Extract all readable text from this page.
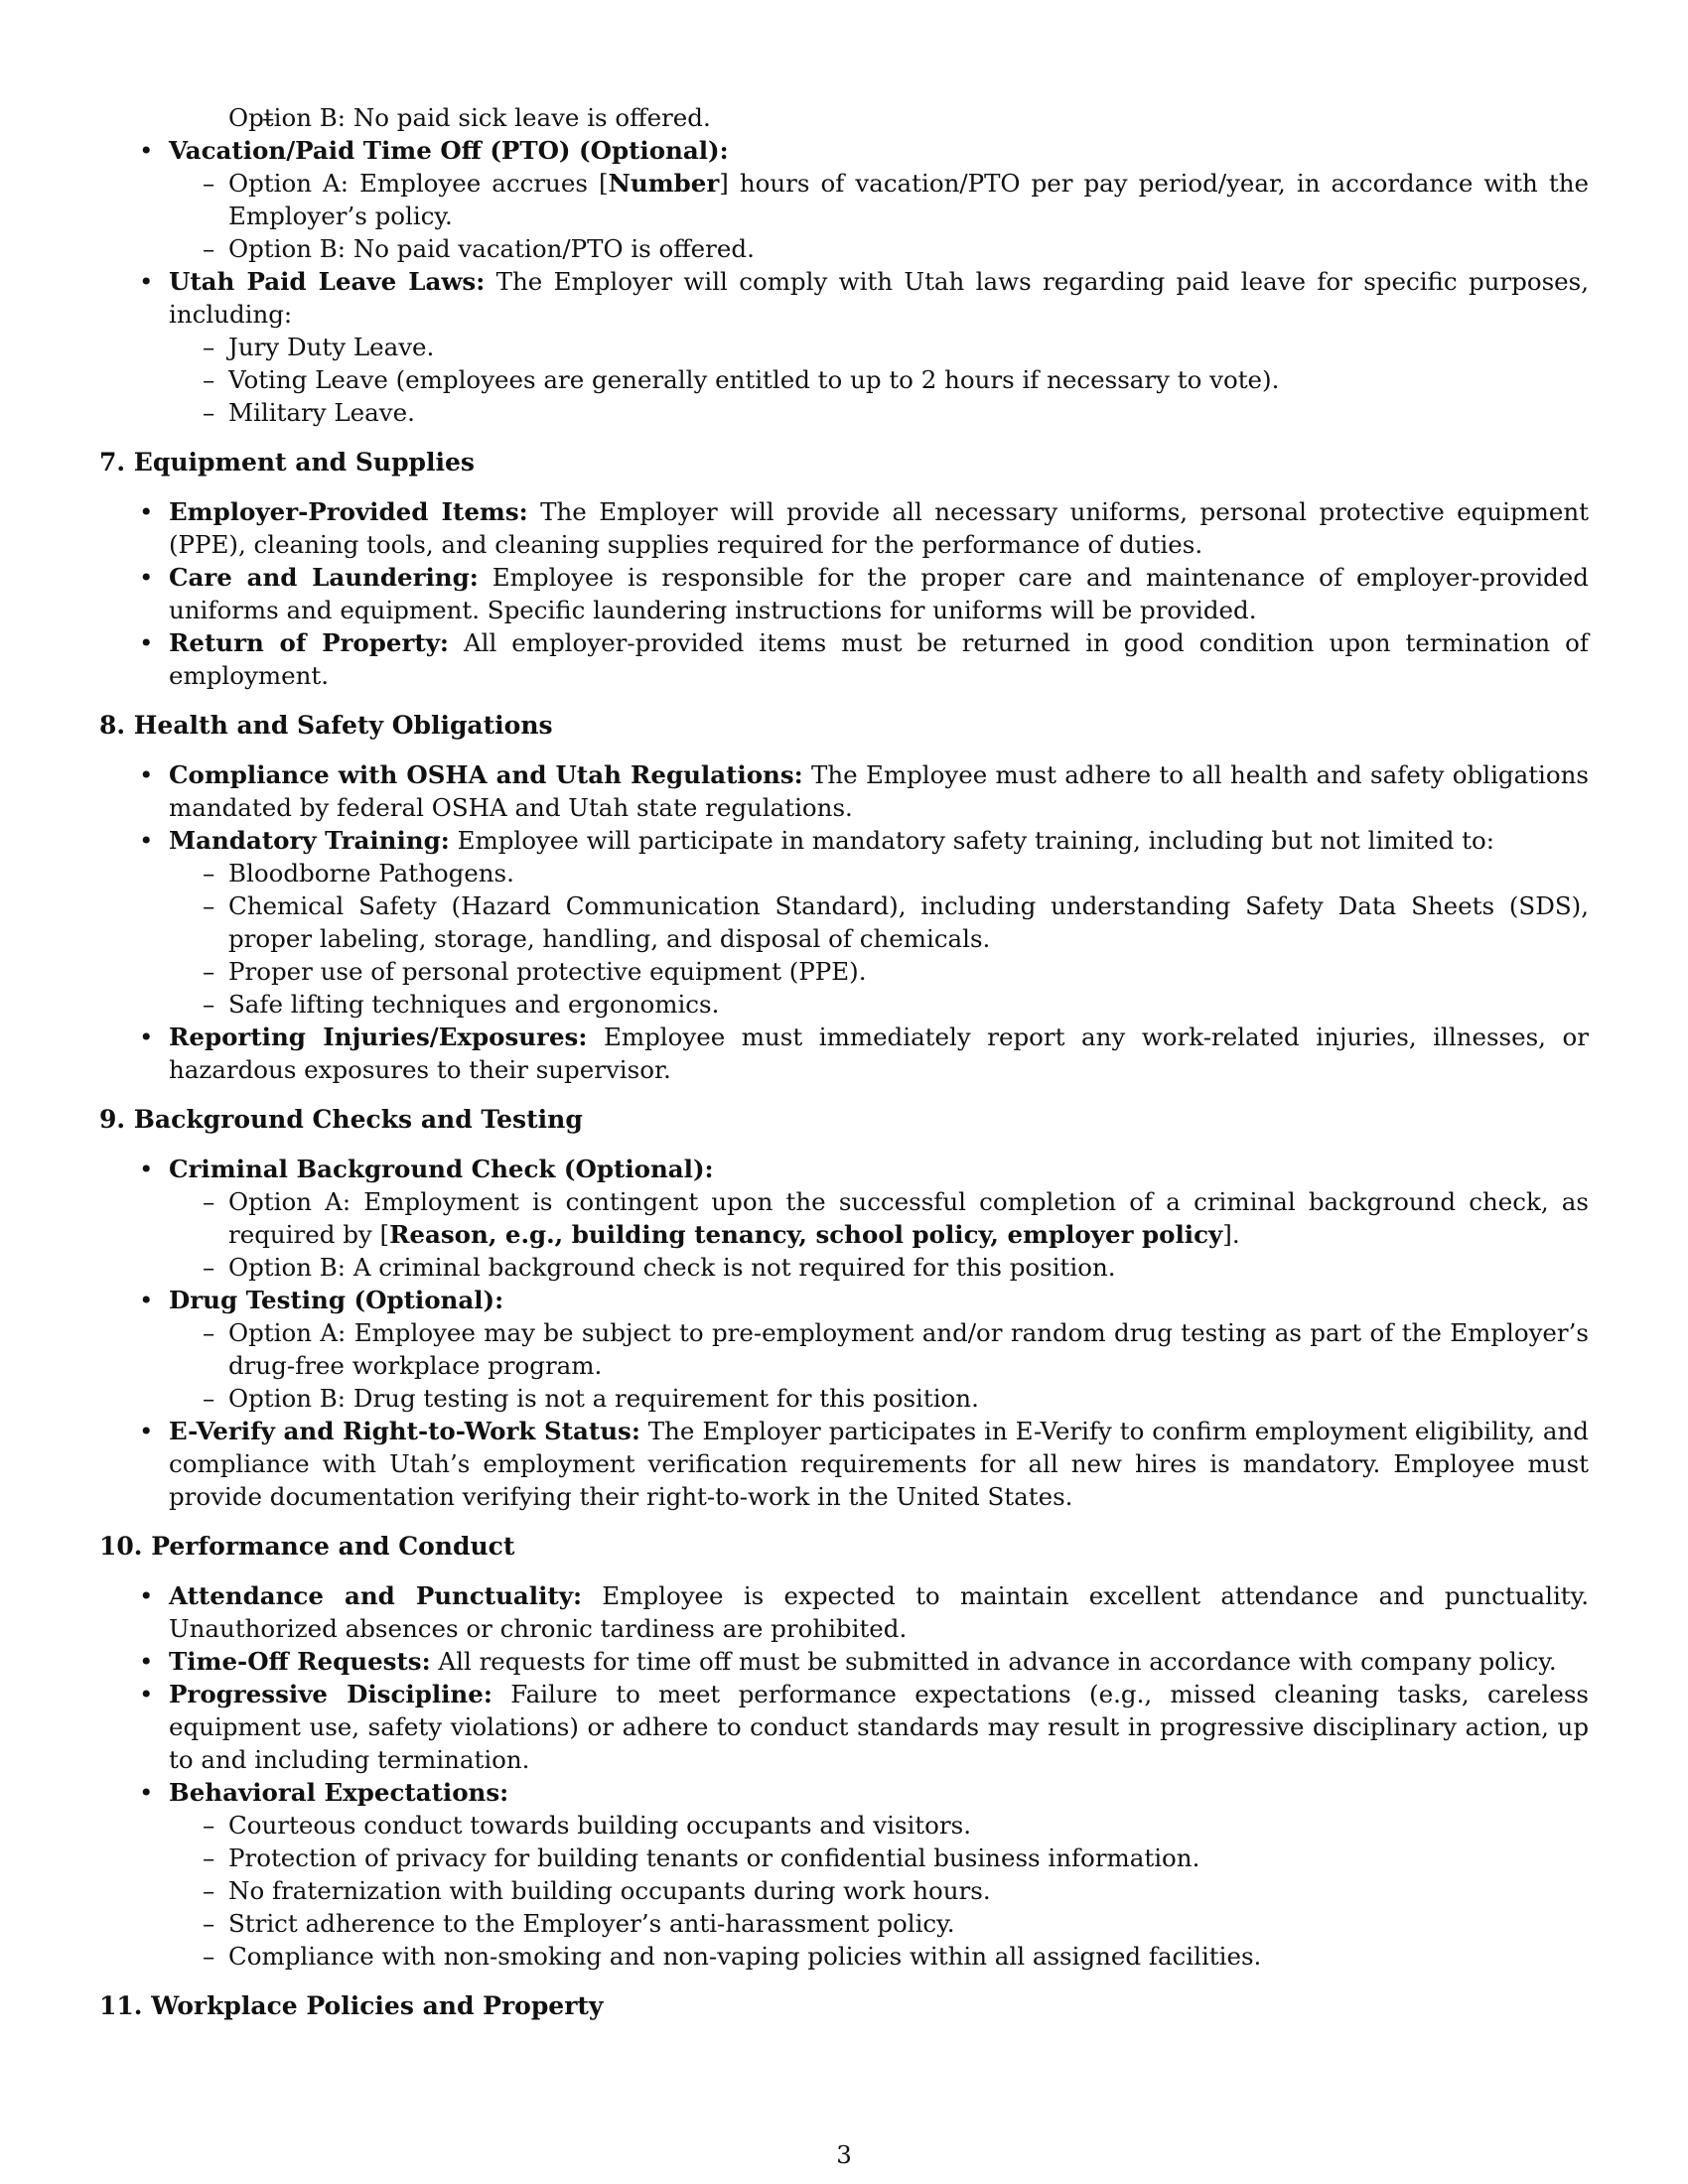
– Option B: No paid sick leave is offered.
• Vacation/Paid Time Off (PTO) (Optional):
– Option A: Employee accrues [Number] hours of vacation/PTO per pay period/year, in accordance with the Employer’s policy.
– Option B: No paid vacation/PTO is offered.
• Utah Paid Leave Laws: The Employer will comply with Utah laws regarding paid leave for specific purposes, including:
– Jury Duty Leave.
– Voting Leave (employees are generally entitled to up to 2 hours if necessary to vote).
– Military Leave.
7. Equipment and Supplies
• Employer-Provided Items: The Employer will provide all necessary uniforms, personal protective equipment (PPE), cleaning tools, and cleaning supplies required for the performance of duties.
• Care and Laundering: Employee is responsible for the proper care and maintenance of employer-provided uniforms and equipment. Specific laundering instructions for uniforms will be provided.
• Return of Property: All employer-provided items must be returned in good condition upon termination of employment.
8. Health and Safety Obligations
• Compliance with OSHA and Utah Regulations: The Employee must adhere to all health and safety obligations mandated by federal OSHA and Utah state regulations.
• Mandatory Training: Employee will participate in mandatory safety training, including but not limited to:
– Bloodborne Pathogens.
– Chemical Safety (Hazard Communication Standard), including understanding Safety Data Sheets (SDS), proper labeling, storage, handling, and disposal of chemicals.
– Proper use of personal protective equipment (PPE).
– Safe lifting techniques and ergonomics.
• Reporting Injuries/Exposures: Employee must immediately report any work-related injuries, illnesses, or hazardous exposures to their supervisor.
9. Background Checks and Testing
• Criminal Background Check (Optional):
– Option A: Employment is contingent upon the successful completion of a criminal background check, as required by [Reason, e.g., building tenancy, school policy, employer policy].
– Option B: A criminal background check is not required for this position.
• Drug Testing (Optional):
– Option A: Employee may be subject to pre-employment and/or random drug testing as part of the Employer’s drug-free workplace program.
– Option B: Drug testing is not a requirement for this position.
• E-Verify and Right-to-Work Status: The Employer participates in E-Verify to confirm employment eligibility, and compliance with Utah’s employment verification requirements for all new hires is mandatory. Employee must provide documentation verifying their right-to-work in the United States.
10. Performance and Conduct
• Attendance and Punctuality: Employee is expected to maintain excellent attendance and punctuality. Unauthorized absences or chronic tardiness are prohibited.
• Time-Off Requests: All requests for time off must be submitted in advance in accordance with company policy.
• Progressive Discipline: Failure to meet performance expectations (e.g., missed cleaning tasks, careless equipment use, safety violations) or adhere to conduct standards may result in progressive disciplinary action, up to and including termination.
• Behavioral Expectations:
– Courteous conduct towards building occupants and visitors.
– Protection of privacy for building tenants or confidential business information.
– No fraternization with building occupants during work hours.
– Strict adherence to the Employer’s anti-harassment policy.
– Compliance with non-smoking and non-vaping policies within all assigned facilities.
11. Workplace Policies and Property
3
